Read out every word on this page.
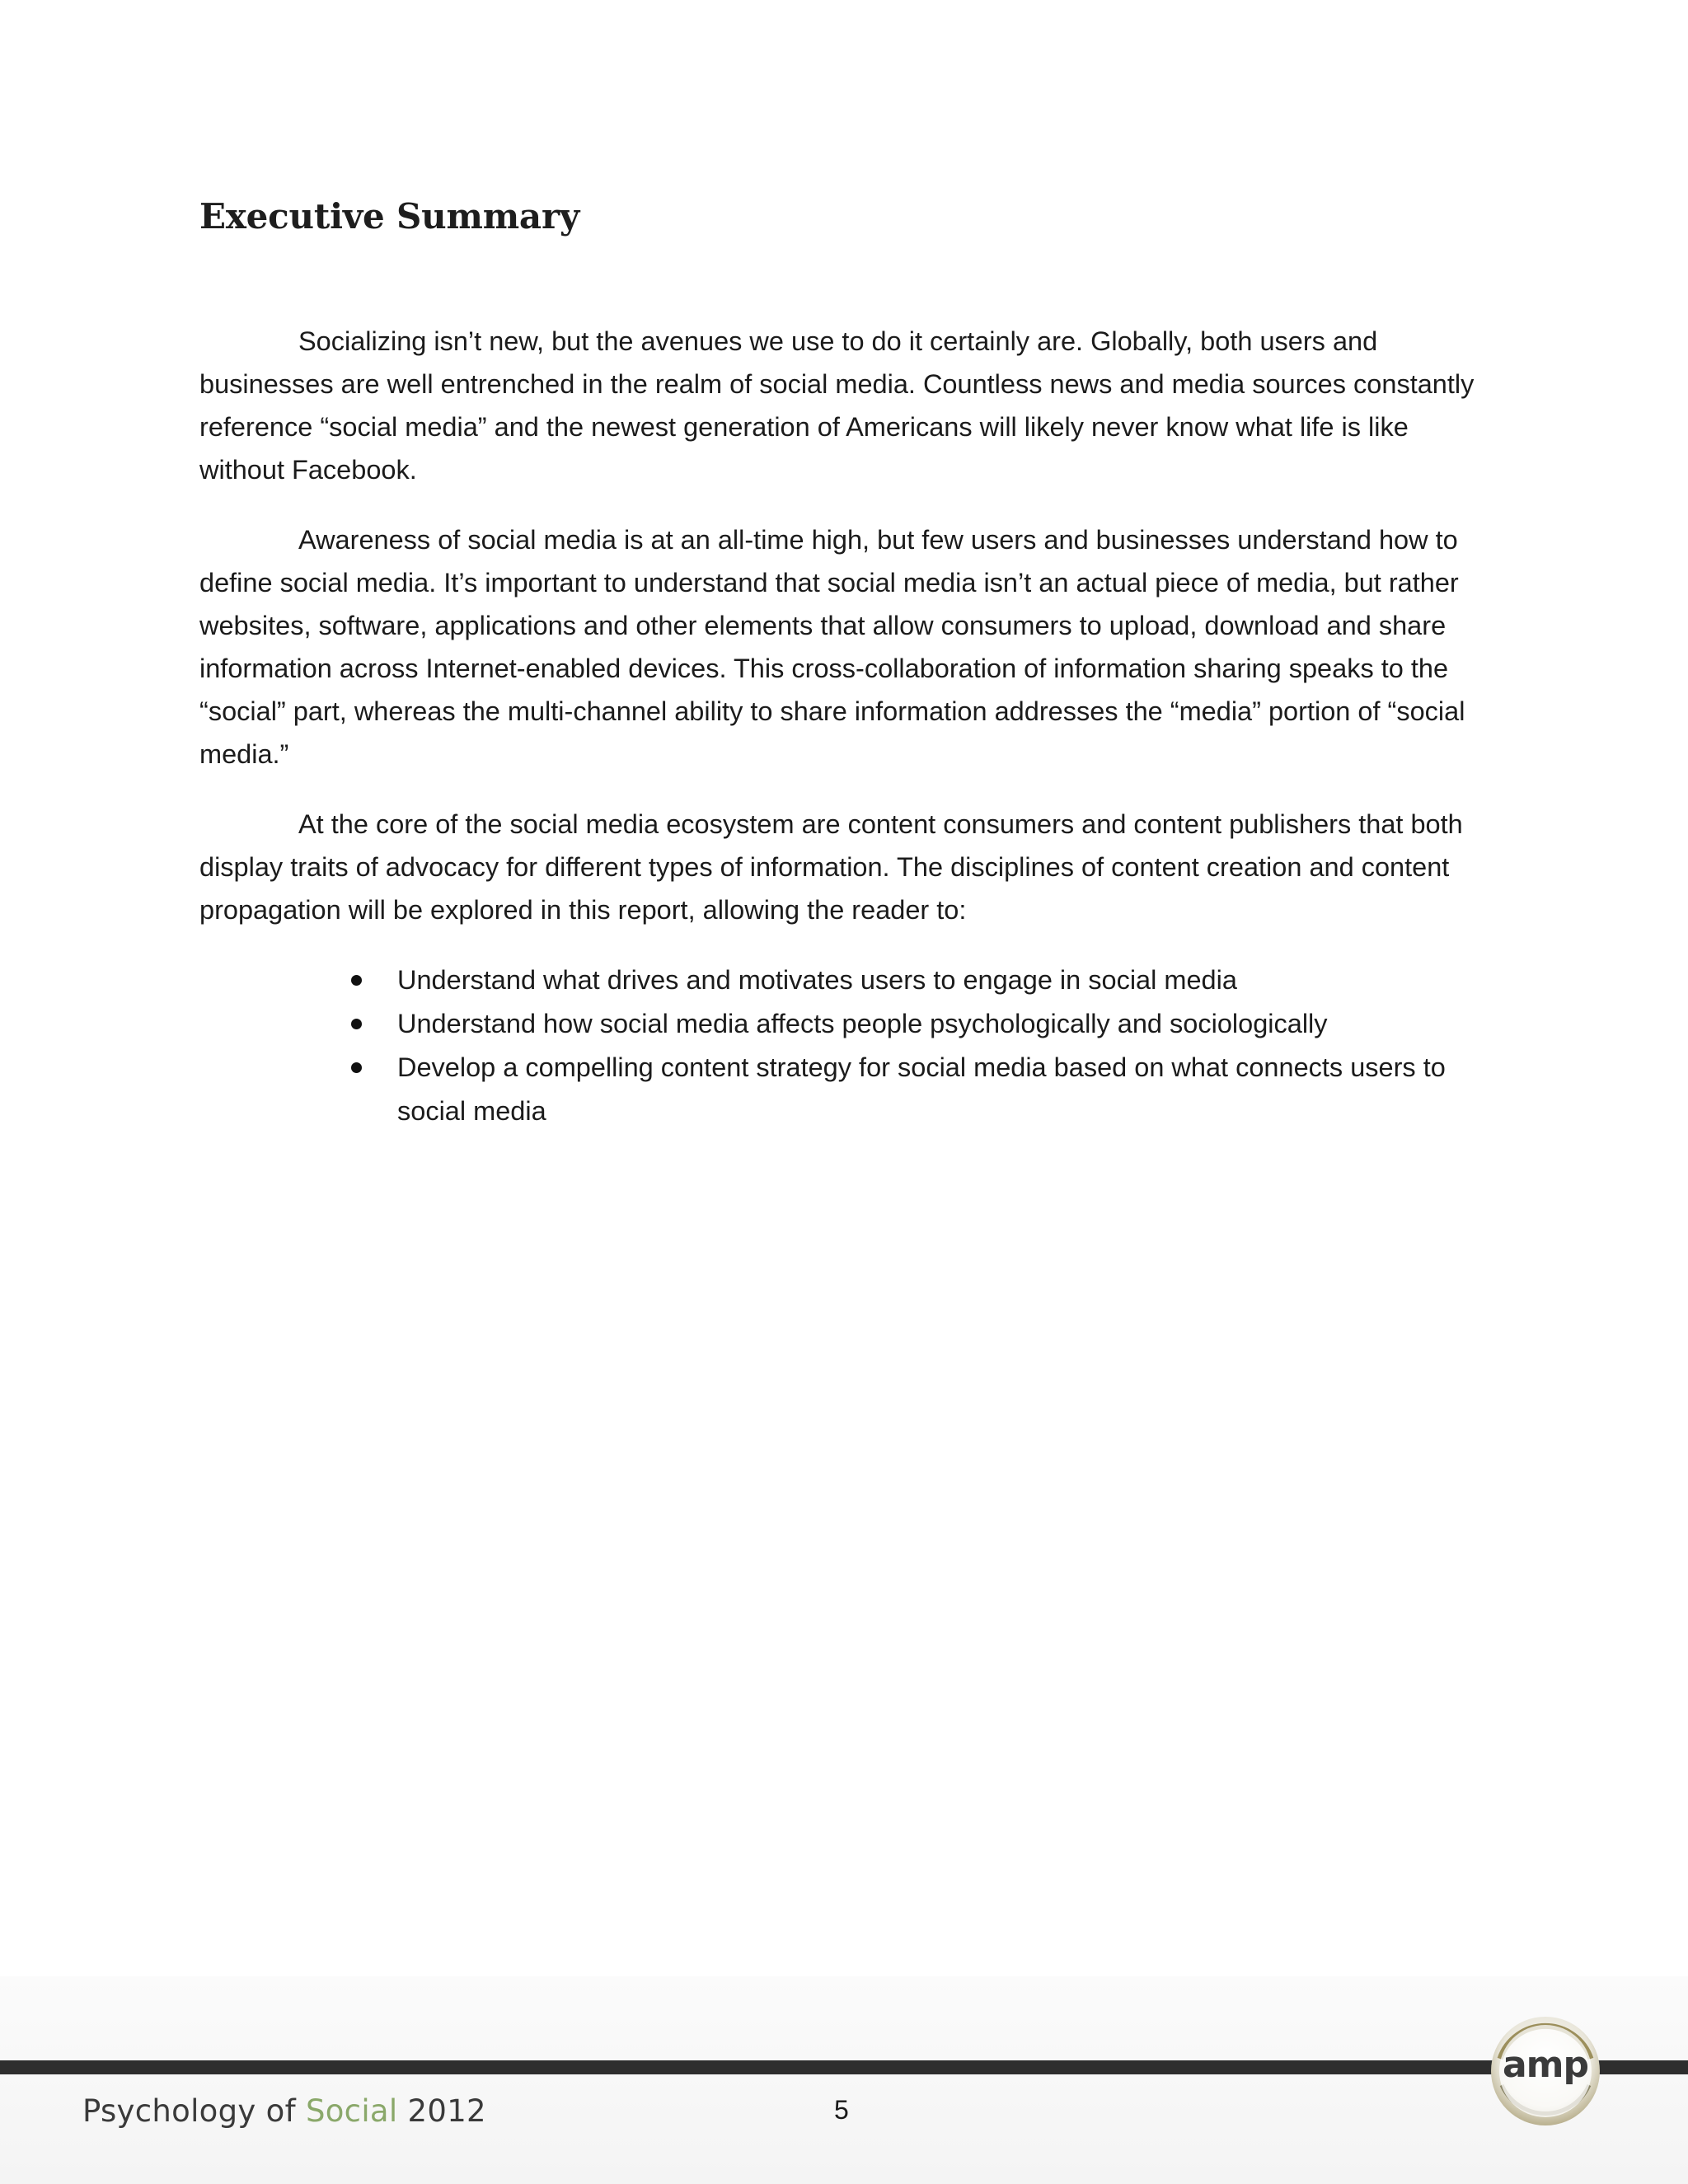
Executive Summary

Socializing isn’t new, but the avenues we use to do it certainly are. Globally, both users and businesses are well entrenched in the realm of social media. Countless news and media sources constantly reference “social media” and the newest generation of Americans will likely never know what life is like without Facebook.

Awareness of social media is at an all-time high, but few users and businesses understand how to define social media. It’s important to understand that social media isn’t an actual piece of media, but rather websites, software, applications and other elements that allow consumers to upload, download and share information across Internet-enabled devices. This cross-collaboration of information sharing speaks to the “social” part, whereas the multi-channel ability to share information addresses the “media” portion of “social media.”

At the core of the social media ecosystem are content consumers and content publishers that both display traits of advocacy for different types of information. The disciplines of content creation and content propagation will be explored in this report, allowing the reader to:

Understand what drives and motivates users to engage in social media
Understand how social media affects people psychologically and sociologically
Develop a compelling content strategy for social media based on what connects users to social media
Psychology of Social 2012	5
amp
